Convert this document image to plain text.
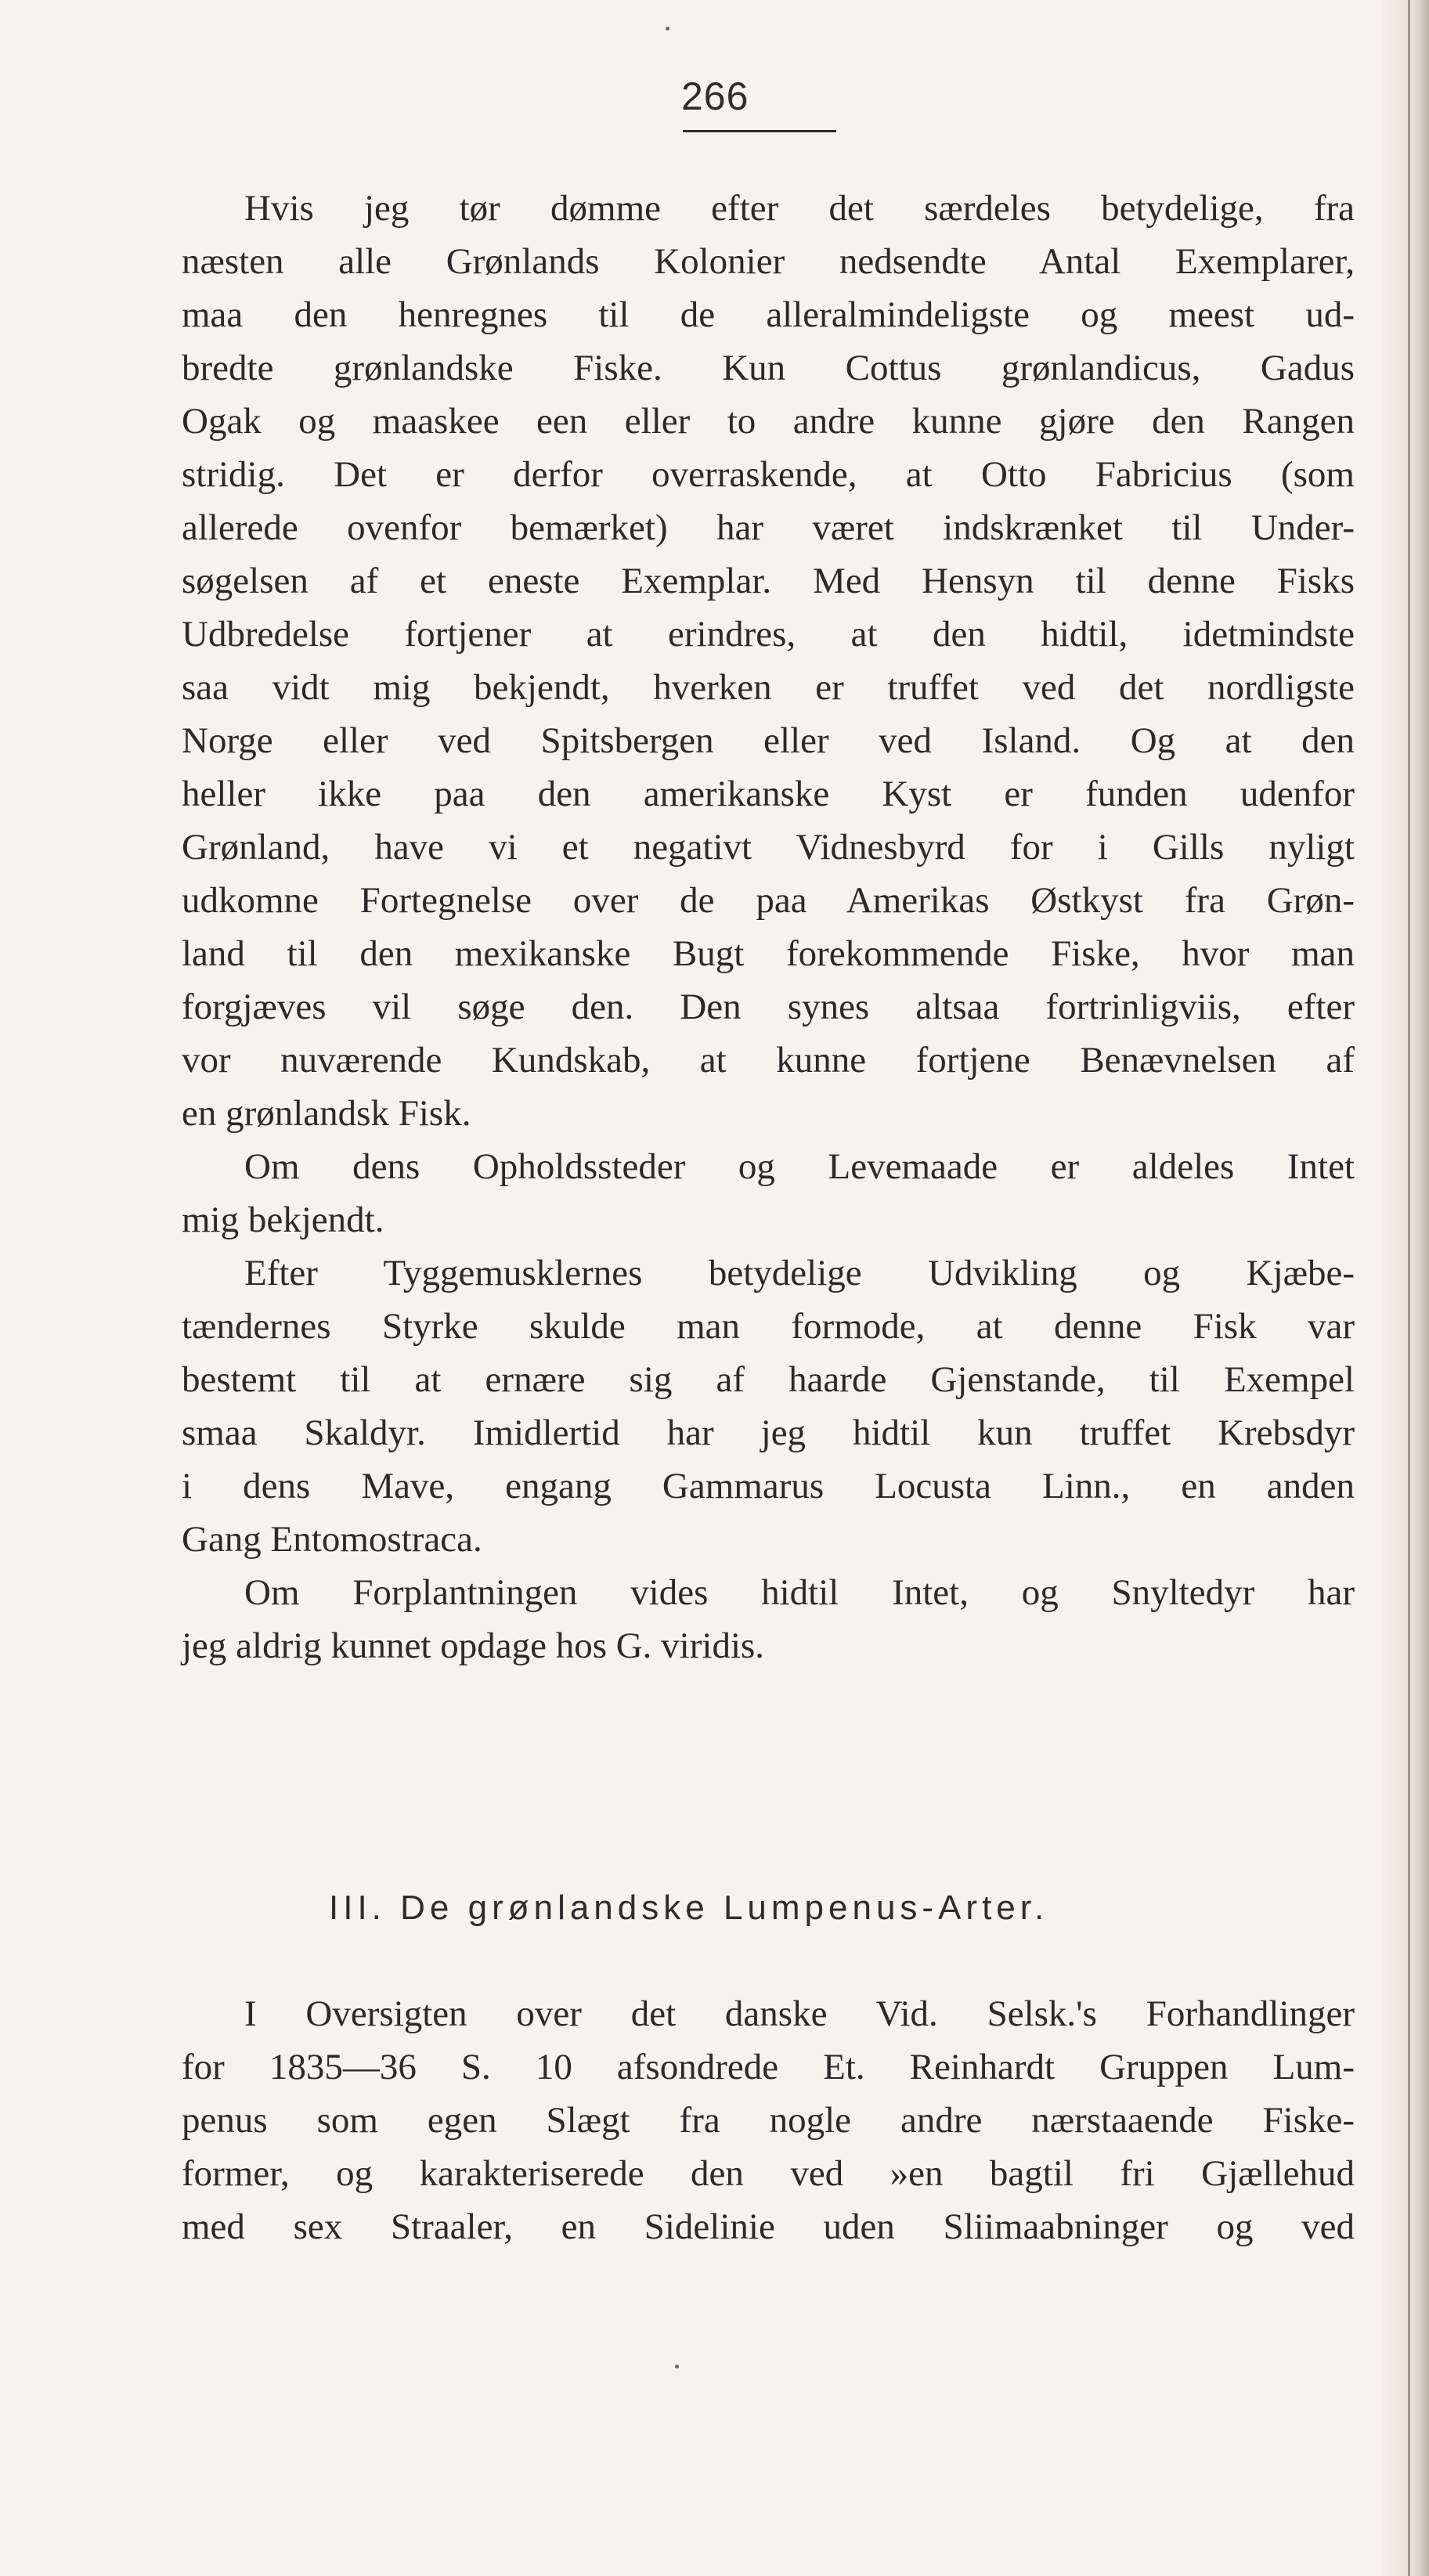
266
Hvis jeg tør dømme efter det særdeles betydelige, fra
næsten alle Grønlands Kolonier nedsendte Antal Exemplarer,
maa den henregnes til de alleralmindeligste og meest ud-
bredte grønlandske Fiske. Kun Cottus grønlandicus, Gadus
Ogak og maaskee een eller to andre kunne gjøre den Rangen
stridig. Det er derfor overraskende, at Otto Fabricius (som
allerede ovenfor bemærket) har været indskrænket til Under-
søgelsen af et eneste Exemplar. Med Hensyn til denne Fisks
Udbredelse fortjener at erindres, at den hidtil, idetmindste
saa vidt mig bekjendt, hverken er truffet ved det nordligste
Norge eller ved Spitsbergen eller ved Island. Og at den
heller ikke paa den amerikanske Kyst er funden udenfor
Grønland, have vi et negativt Vidnesbyrd for i Gills nyligt
udkomne Fortegnelse over de paa Amerikas Østkyst fra Grøn-
land til den mexikanske Bugt forekommende Fiske, hvor man
forgjæves vil søge den. Den synes altsaa fortrinligviis, efter
vor nuværende Kundskab, at kunne fortjene Benævnelsen af
en grønlandsk Fisk.
Om dens Opholdssteder og Levemaade er aldeles Intet
mig bekjendt.
Efter Tyggemusklernes betydelige Udvikling og Kjæbe-
tændernes Styrke skulde man formode, at denne Fisk var
bestemt til at ernære sig af haarde Gjenstande, til Exempel
smaa Skaldyr. Imidlertid har jeg hidtil kun truffet Krebsdyr
i dens Mave, engang Gammarus Locusta Linn., en anden
Gang Entomostraca.
Om Forplantningen vides hidtil Intet, og Snyltedyr har
jeg aldrig kunnet opdage hos G. viridis.
III. De grønlandske Lumpenus-Arter.
I Oversigten over det danske Vid. Selsk.'s Forhandlinger
for 1835—36 S. 10 afsondrede Et. Reinhardt Gruppen Lum-
penus som egen Slægt fra nogle andre nærstaaende Fiske-
former, og karakteriserede den ved »en bagtil fri Gjællehud
med sex Straaler, en Sidelinie uden Sliimaabninger og ved
